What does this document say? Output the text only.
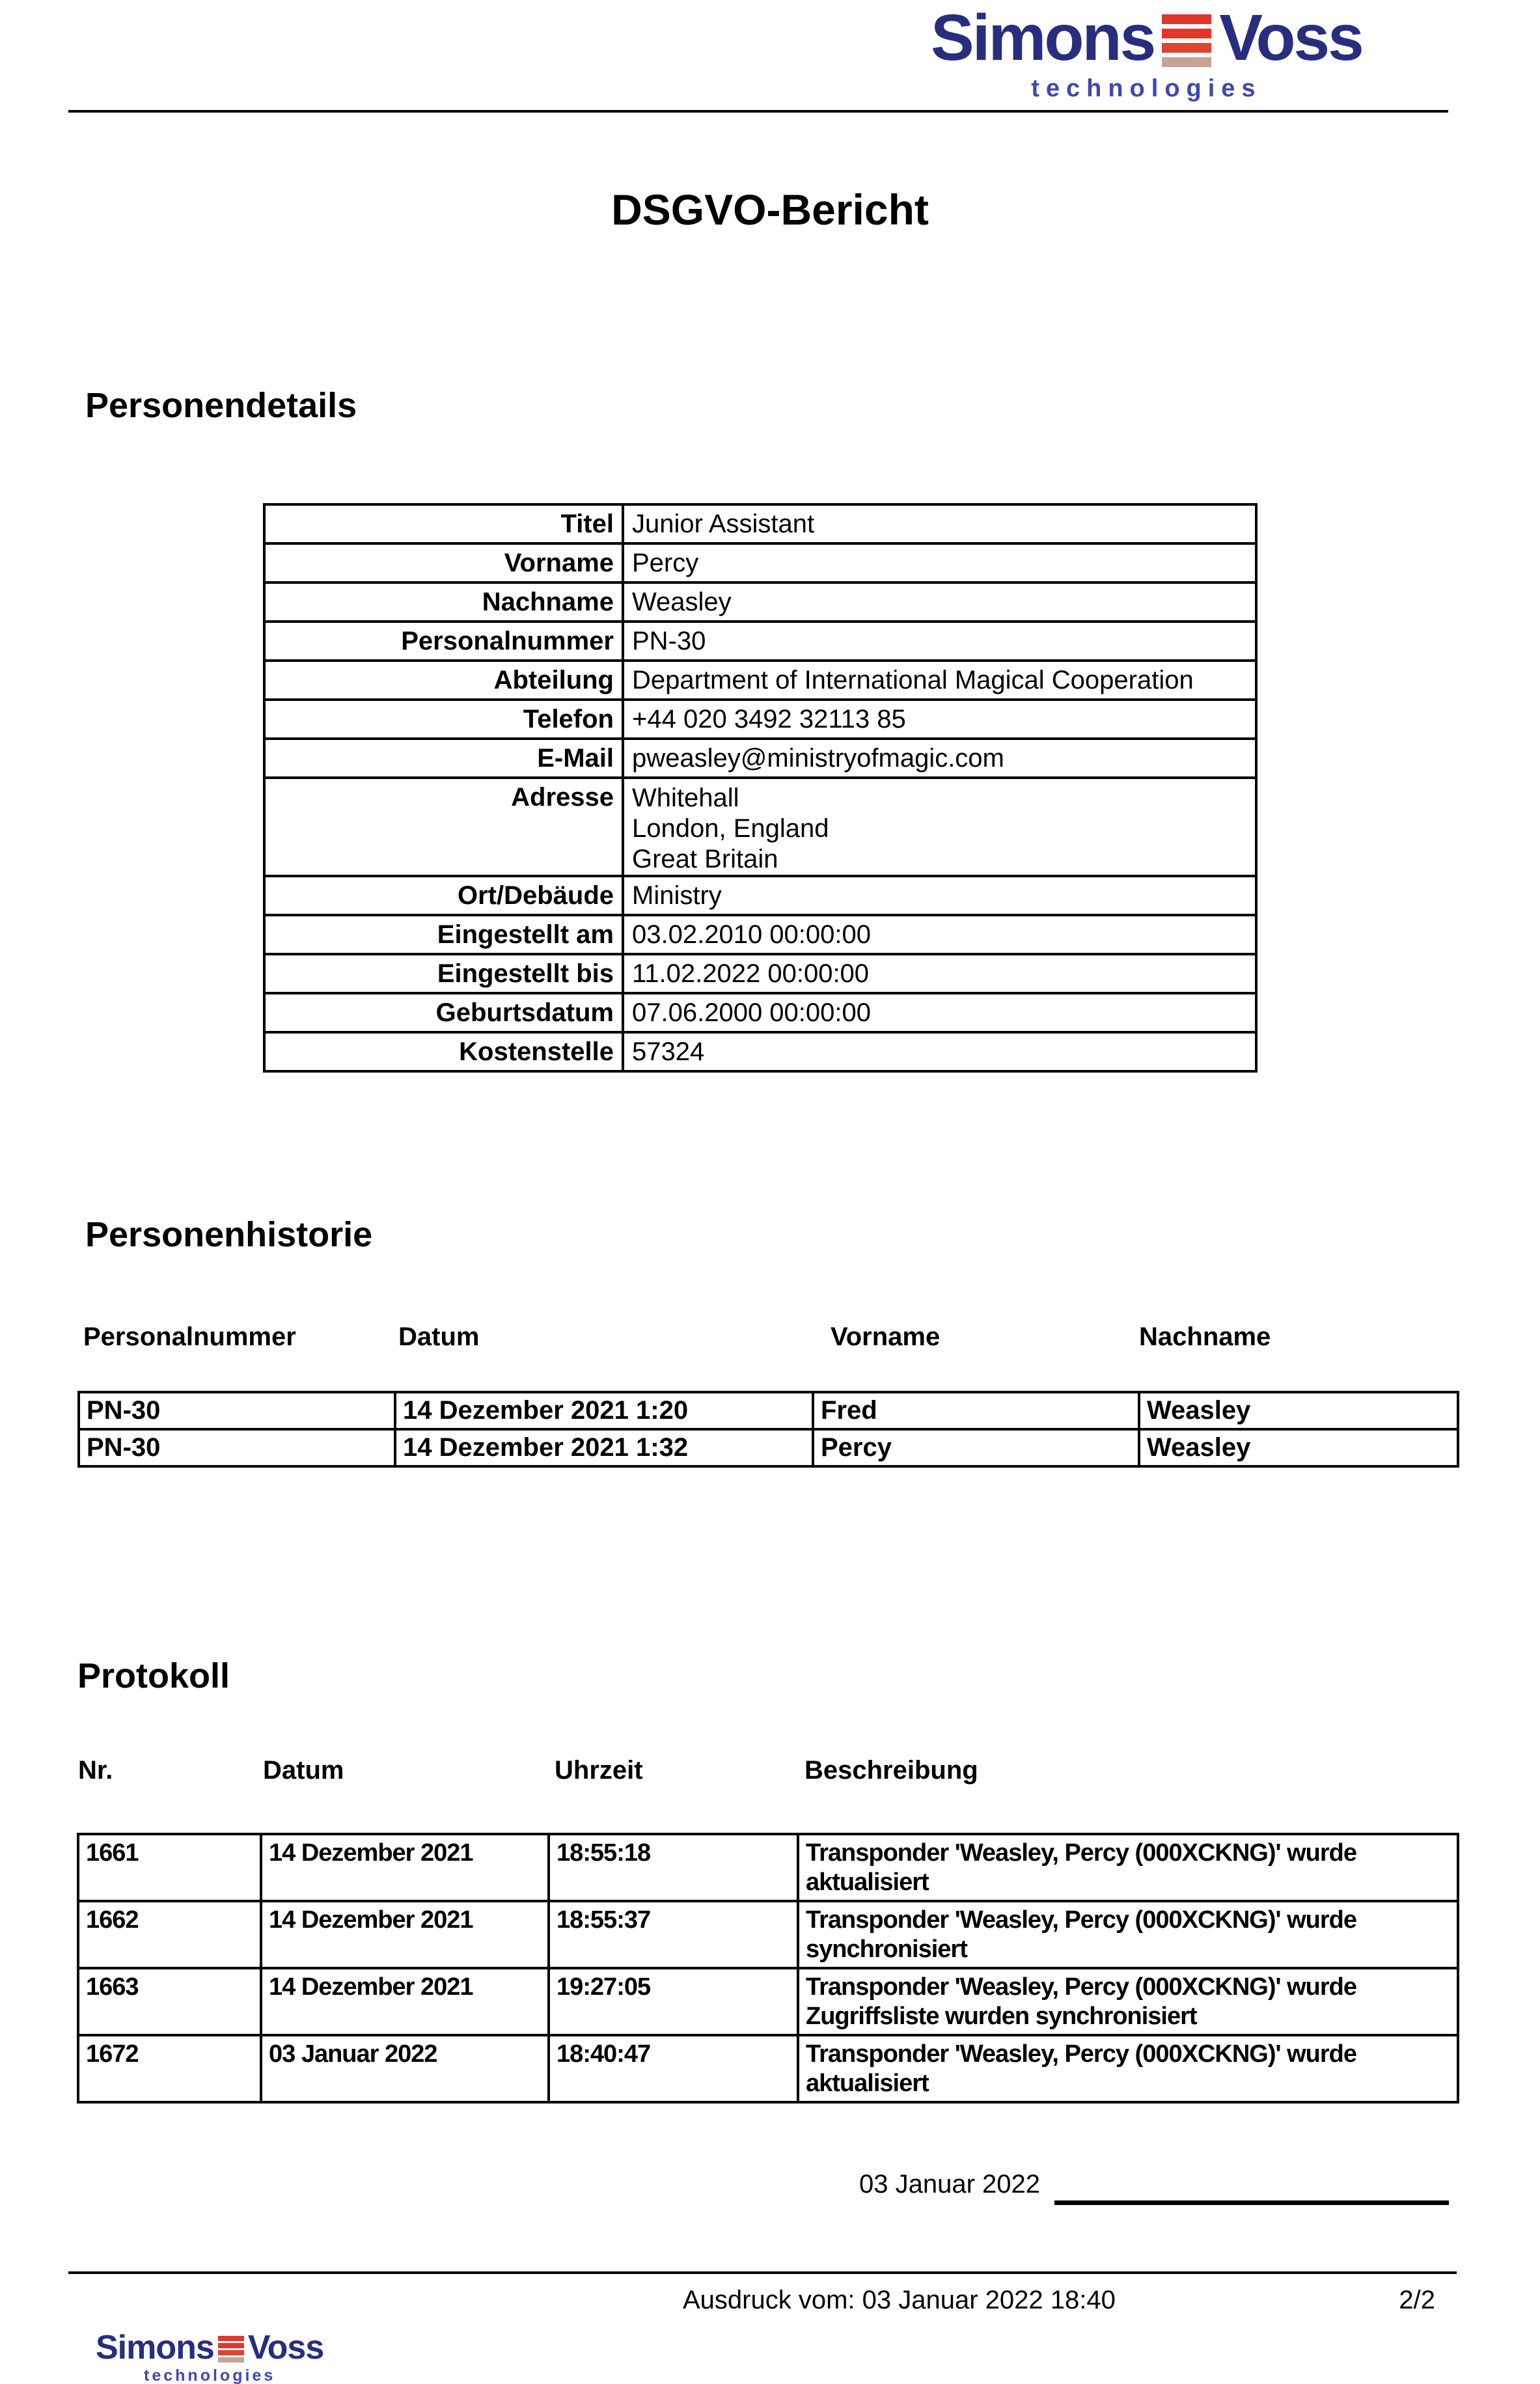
Simons Voss
technologies
DSGVO-Bericht
Personendetails
Titel	Junior Assistant
Vorname	Percy
Nachname	Weasley
Personalnummer	PN-30
Abteilung	Department of International Magical Cooperation
Telefon	+44 020 3492 32113 85
E-Mail	pweasley@ministryofmagic.com
Adresse	Whitehall
London, England
Great Britain

Ort/Debäude	Ministry
Eingestellt am	03.02.2010 00:00:00
Eingestellt bis	11.02.2022 00:00:00
Geburtsdatum	07.06.2000 00:00:00
Kostenstelle	57324
Personenhistorie
Personalnummer	Datum	Vorname	Nachname
PN-30	14 Dezember 2021 1:20	Fred	Weasley
PN-30	14 Dezember 2021 1:32	Percy	Weasley
Protokoll
Nr.	Datum	Uhrzeit	Beschreibung
1661	14 Dezember 2021	18:55:18	Transponder 'Weasley, Percy (000XCKNG)' wurde aktualisiert
1662	14 Dezember 2021	18:55:37	Transponder 'Weasley, Percy (000XCKNG)' wurde synchronisiert
1663	14 Dezember 2021	19:27:05	Transponder 'Weasley, Percy (000XCKNG)' wurde Zugriffsliste wurden synchronisiert
1672	03 Januar 2022	18:40:47	Transponder 'Weasley, Percy (000XCKNG)' wurde aktualisiert
03 Januar 2022
Ausdruck vom: 03 Januar 2022 18:40	2/2
Simons Voss
technologies
